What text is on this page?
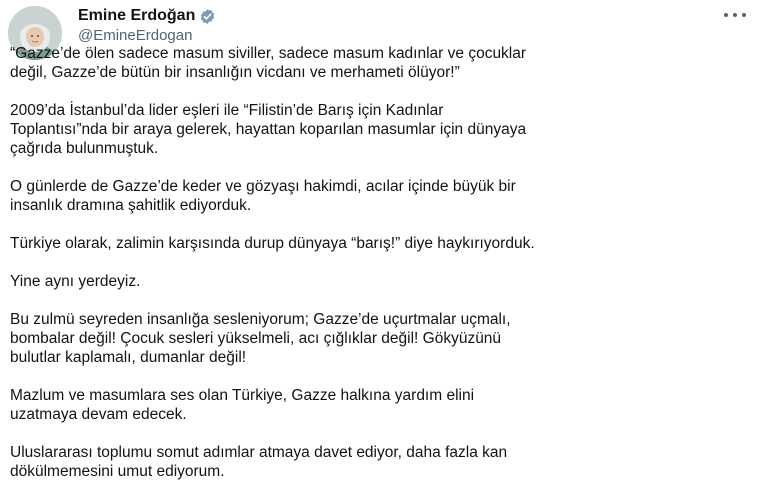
Emine Erdoğan
@EmineErdogan

“Gazze’de ölen sadece masum siviller, sadece masum kadınlar ve çocuklar
değil, Gazze’de bütün bir insanlığın vicdanı ve merhameti ölüyor!”

2009’da İstanbul’da lider eşleri ile “Filistin’de Barış için Kadınlar
Toplantısı”nda bir araya gelerek, hayattan koparılan masumlar için dünyaya
çağrıda bulunmuştuk.

O günlerde de Gazze’de keder ve gözyaşı hakimdi, acılar içinde büyük bir
insanlık dramına şahitlik ediyorduk.

Türkiye olarak, zalimin karşısında durup dünyaya “barış!” diye haykırıyorduk.

Yine aynı yerdeyiz.

Bu zulmü seyreden insanlığa sesleniyorum; Gazze’de uçurtmalar uçmalı,
bombalar değil! Çocuk sesleri yükselmeli, acı çığlıklar değil! Gökyüzünü
bulutlar kaplamalı, dumanlar değil!

Mazlum ve masumlara ses olan Türkiye, Gazze halkına yardım elini
uzatmaya devam edecek.

Uluslararası toplumu somut adımlar atmaya davet ediyor, daha fazla kan
dökülmemesini umut ediyorum.
